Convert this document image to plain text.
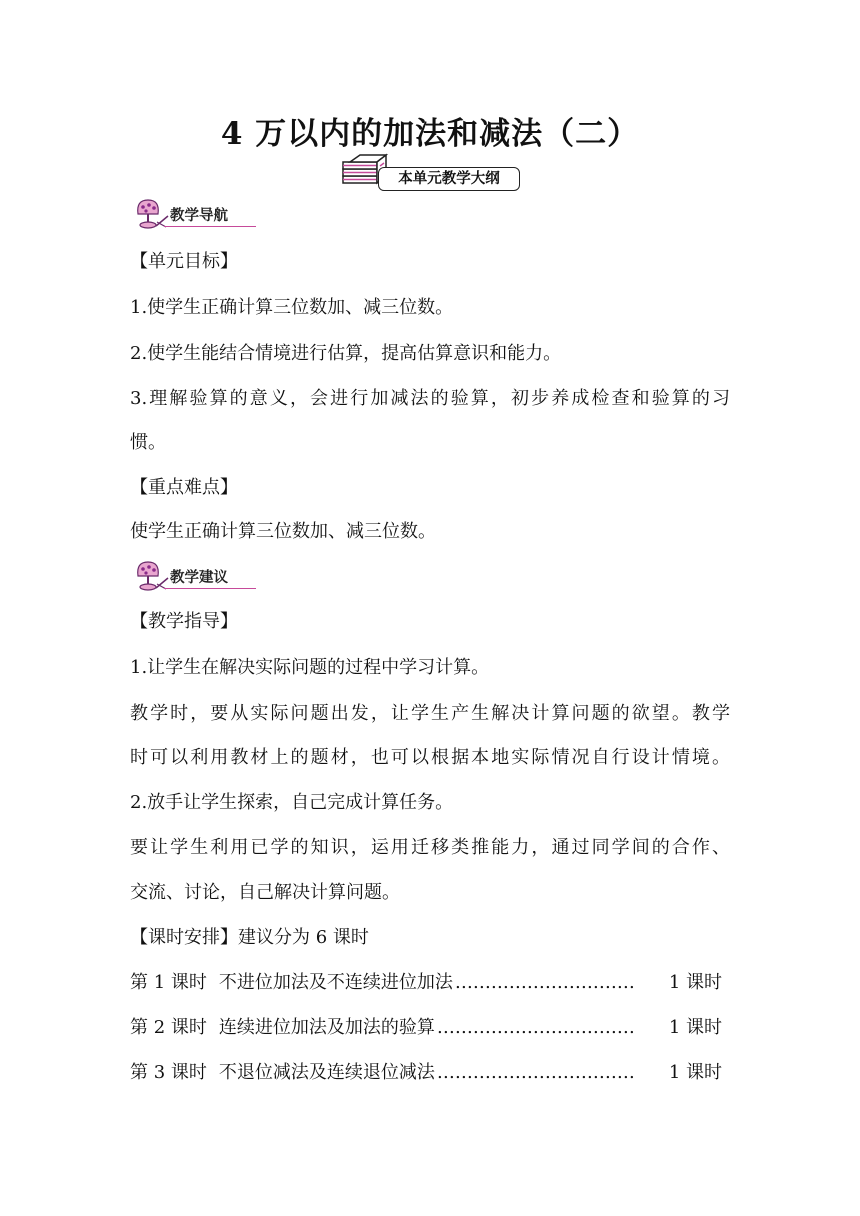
4 万以内的加法和减法（二）
本单元教学大纲
教学导航
【单元目标】
1.使学生正确计算三位数加、减三位数。
2.使学生能结合情境进行估算，提高估算意识和能力。
3.理解验算的意义，会进行加减法的验算，初步养成检查和验算的习
惯。
【重点难点】
使学生正确计算三位数加、减三位数。
教学建议
【教学指导】
1.让学生在解决实际问题的过程中学习计算。
教学时，要从实际问题出发，让学生产生解决计算问题的欲望。教学
时可以利用教材上的题材，也可以根据本地实际情况自行设计情境。
2.放手让学生探索，自己完成计算任务。
要让学生利用已学的知识，运用迁移类推能力，通过同学间的合作、
交流、讨论，自己解决计算问题。
【课时安排】建议分为 6 课时
第 1 课时 不进位加法及不连续进位加法 …………………………	1 课时
第 2 课时 连续进位加法及加法的验算 ……………………………	1 课时
第 3 课时 不退位减法及连续退位减法 ……………………………	1 课时
